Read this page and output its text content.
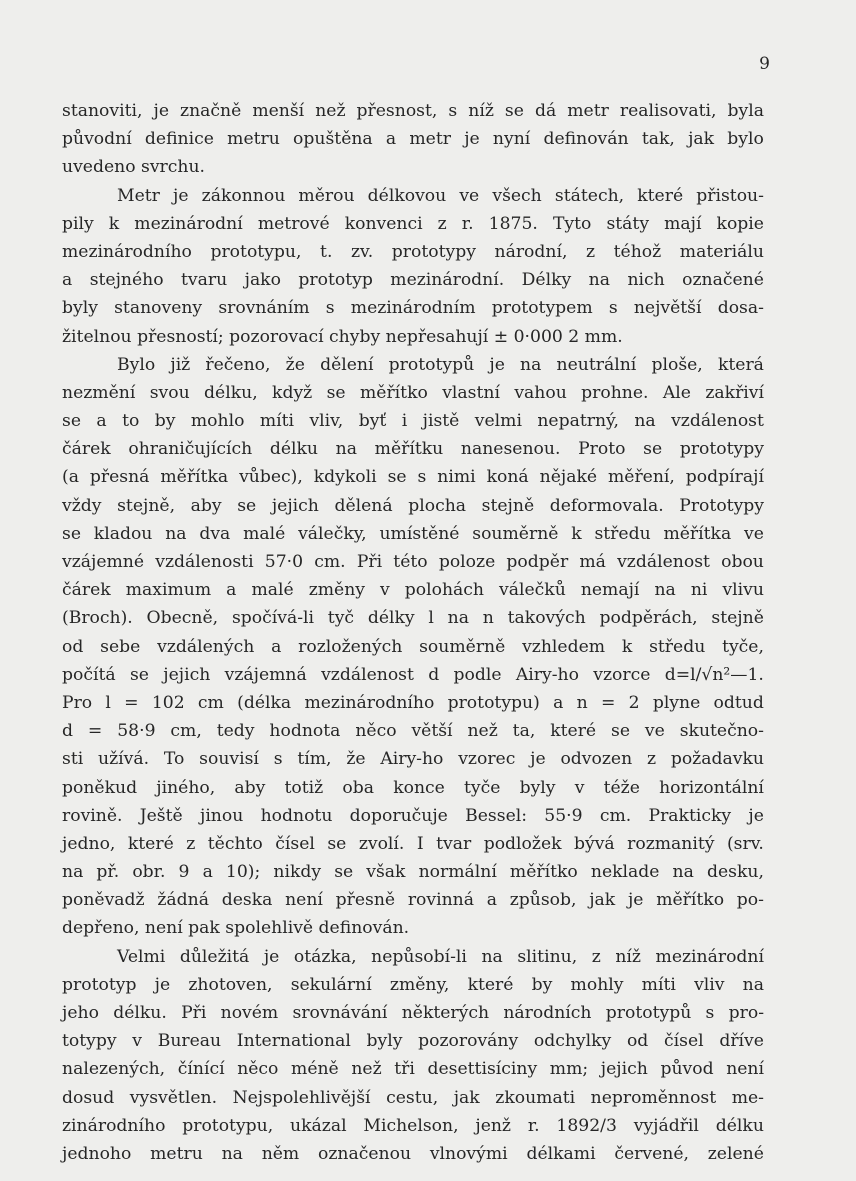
9
stanoviti, je značně menší než přesnost, s níž se dá metr realisovati, byla
původní definice metru opuštěna a metr je nyní definován tak, jak bylo
uvedeno svrchu.
Metr je zákonnou měrou délkovou ve všech státech, které přistou-
pily k mezinárodní metrové konvenci z r. 1875. Tyto státy mají kopie
mezinárodního prototypu, t. zv. prototypy národní, z téhož materiálu
a stejného tvaru jako prototyp mezinárodní. Délky na nich označené
byly stanoveny srovnáním s mezinárodním prototypem s největší dosa-
žitelnou přesností; pozorovací chyby nepřesahují ± 0·000 2 mm.
Bylo již řečeno, že dělení prototypů je na neutrální ploše, která
nezmění svou délku, když se měřítko vlastní vahou prohne. Ale zakřiví
se a to by mohlo míti vliv, byť i jistě velmi nepatrný, na vzdálenost
čárek ohraničujících délku na měřítku nanesenou. Proto se prototypy
(a přesná měřítka vůbec), kdykoli se s nimi koná nějaké měření, podpírají
vždy stejně, aby se jejich dělená plocha stejně deformovala. Prototypy
se kladou na dva malé válečky, umístěné souměrně k středu měřítka ve
vzájemné vzdálenosti 57·0 cm. Při této poloze podpěr má vzdálenost obou
čárek maximum a malé změny v polohách válečků nemají na ni vlivu
(Broch). Obecně, spočívá-li tyč délky l na n takových podpěrách, stejně
od sebe vzdálených a rozložených souměrně vzhledem k středu tyče,
počítá se jejich vzájemná vzdálenost d podle Airy-ho vzorce d=l/√n²—1.
Pro l = 102 cm (délka mezinárodního prototypu) a n = 2 plyne odtud
d = 58·9 cm, tedy hodnota něco větší než ta, které se ve skutečno-
sti užívá. To souvisí s tím, že Airy-ho vzorec je odvozen z požadavku
poněkud jiného, aby totiž oba konce tyče byly v téže horizontální
rovině. Ještě jinou hodnotu doporučuje Bessel: 55·9 cm. Prakticky je
jedno, které z těchto čísel se zvolí. I tvar podložek bývá rozmanitý (srv.
na př. obr. 9 a 10); nikdy se však normální měřítko neklade na desku,
poněvadž žádná deska není přesně rovinná a způsob, jak je měřítko po-
depřeno, není pak spolehlivě definován.
Velmi důležitá je otázka, nepůsobí-li na slitinu, z níž mezinárodní
prototyp je zhotoven, sekulární změny, které by mohly míti vliv na
jeho délku. Při novém srovnávání některých národních prototypů s pro-
totypy v Bureau International byly pozorovány odchylky od čísel dříve
nalezených, čínící něco méně než tři desettisíciny mm; jejich původ není
dosud vysvětlen. Nejspolehlivější cestu, jak zkoumati neproměnnost me-
zinárodního prototypu, ukázal Michelson, jenž r. 1892/3 vyjádřil délku
jednoho metru na něm označenou vlnovými délkami červené, zelené
